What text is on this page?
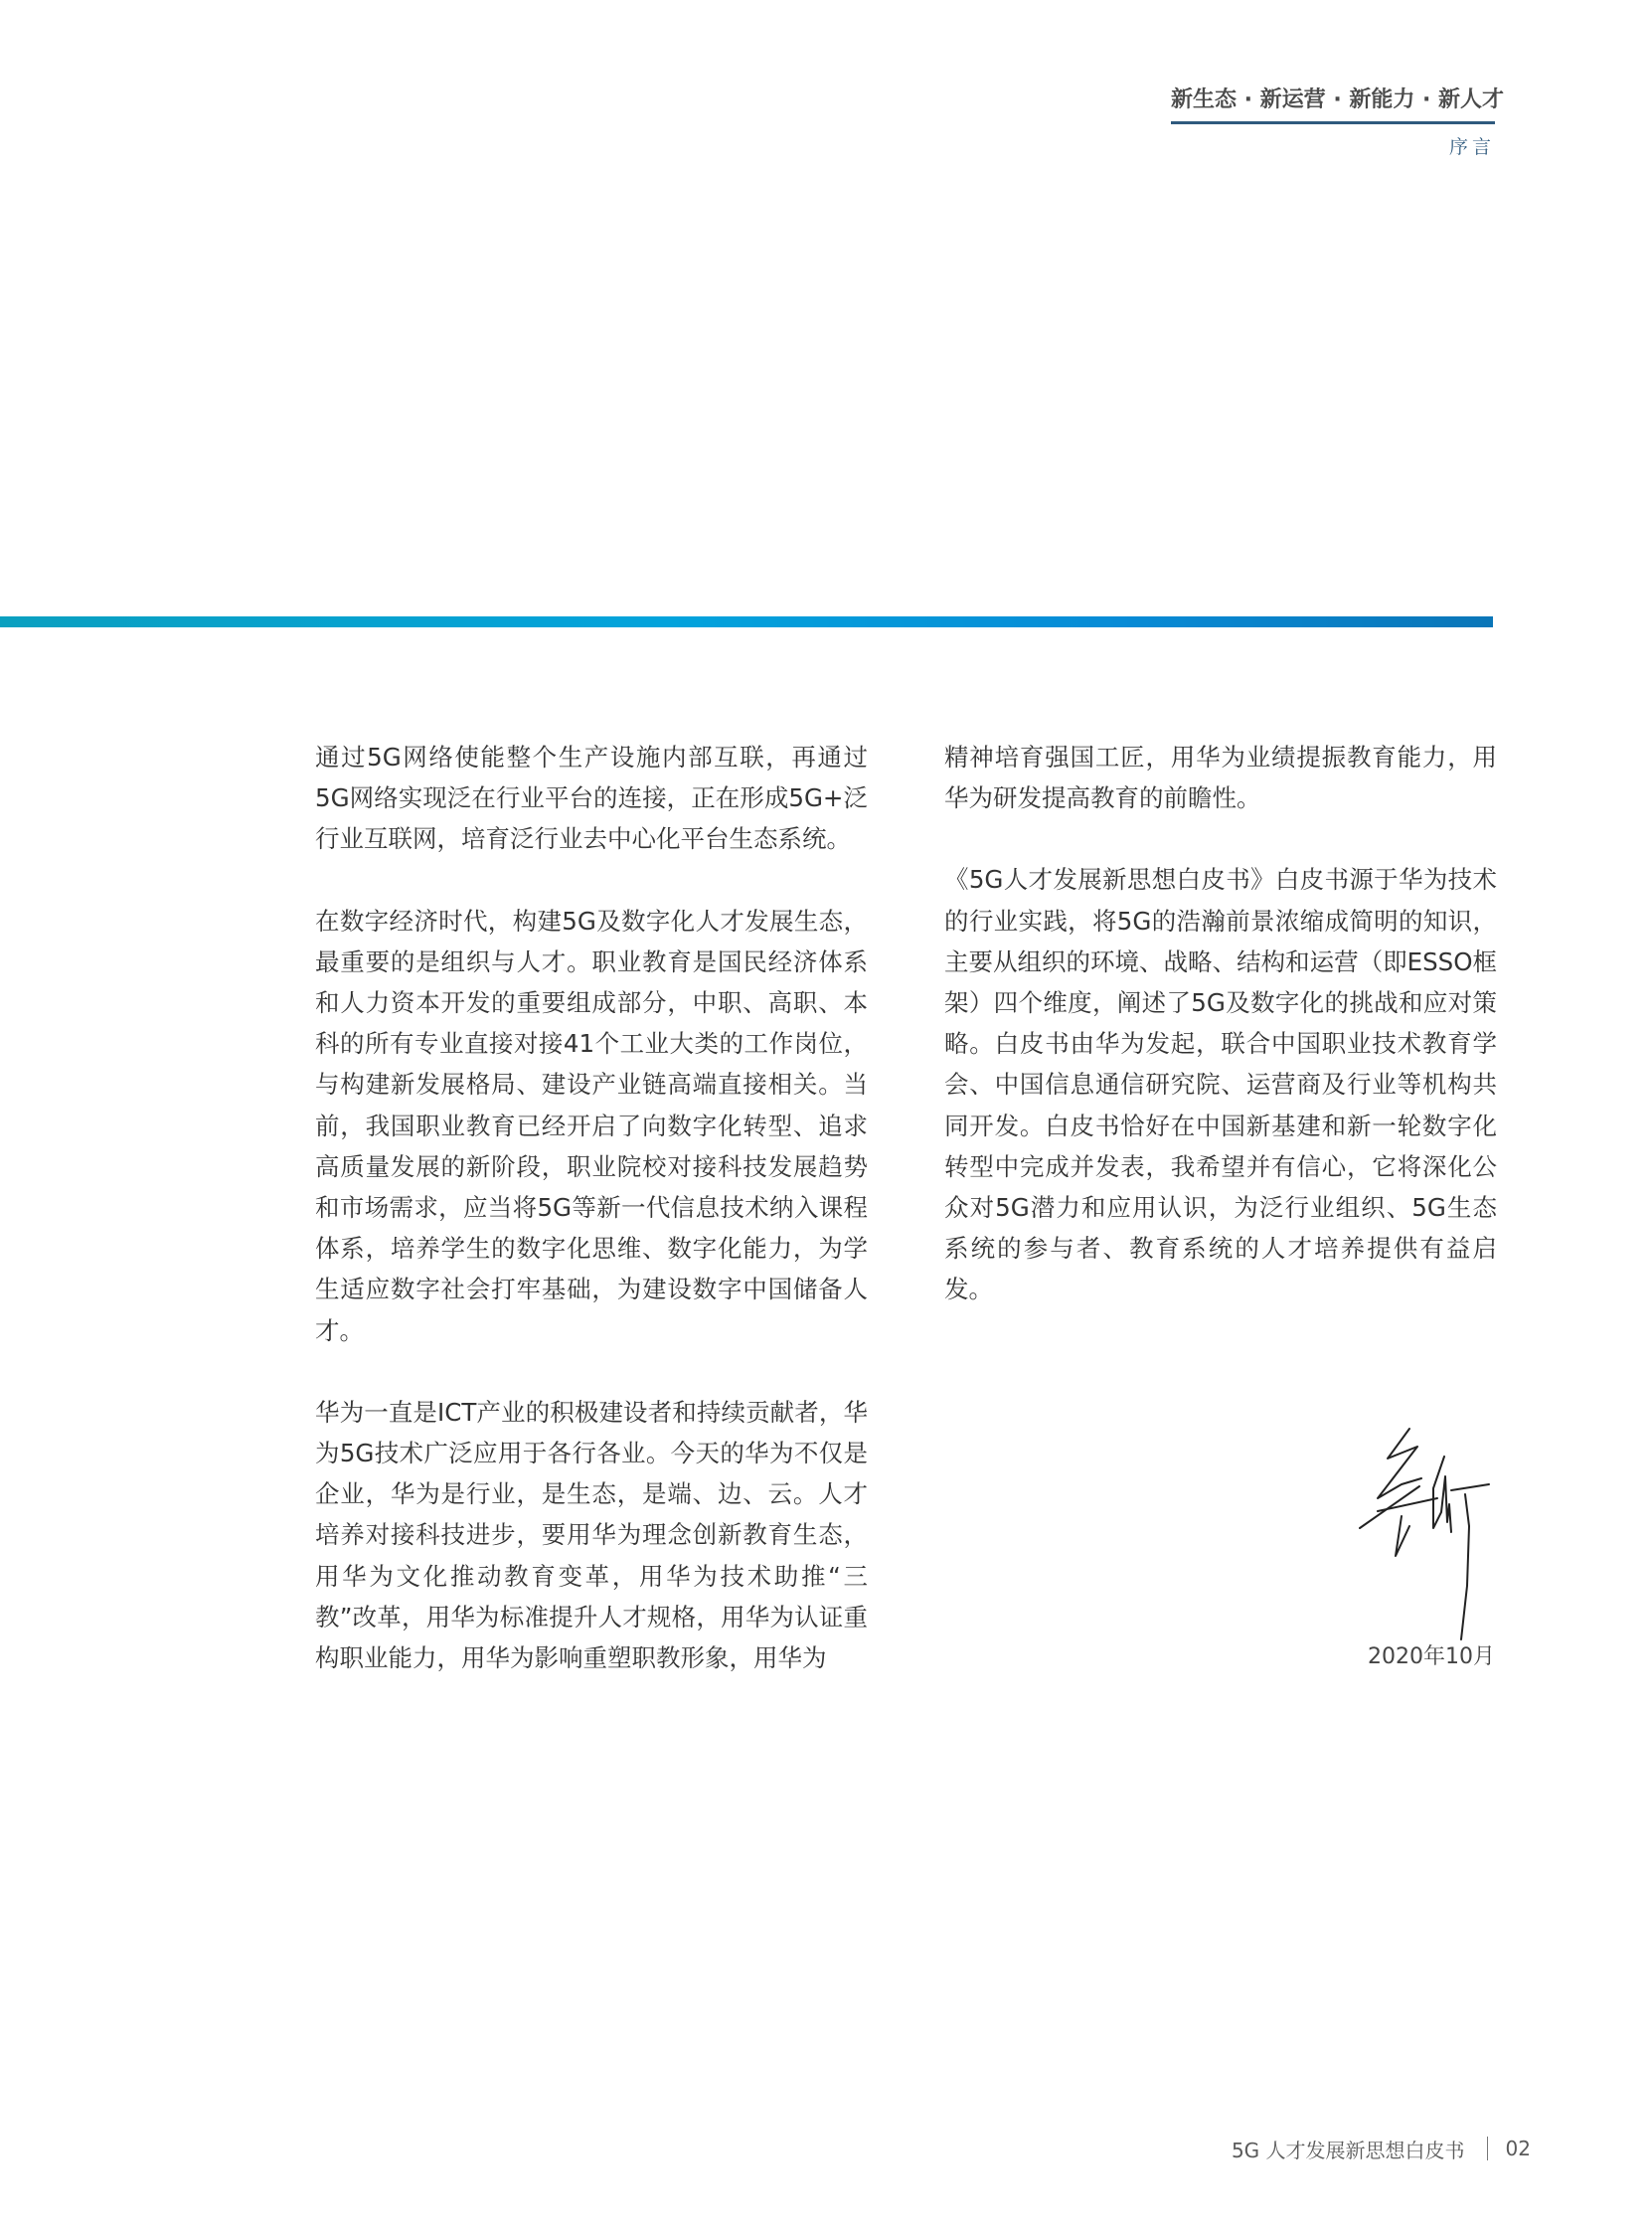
新生态 · 新运营 · 新能力 · 新人才
序言

通过5G网络使能整个生产设施内部互联，再通过5G网络实现泛在行业平台的连接，正在形成5G+泛行业互联网，培育泛行业去中心化平台生态系统。

在数字经济时代，构建5G及数字化人才发展生态，最重要的是组织与人才。职业教育是国民经济体系和人力资本开发的重要组成部分，中职、高职、本科的所有专业直接对接41个工业大类的工作岗位，与构建新发展格局、建设产业链高端直接相关。当前，我国职业教育已经开启了向数字化转型、追求高质量发展的新阶段，职业院校对接科技发展趋势和市场需求，应当将5G等新一代信息技术纳入课程体系，培养学生的数字化思维、数字化能力，为学生适应数字社会打牢基础，为建设数字中国储备人才。

华为一直是ICT产业的积极建设者和持续贡献者，华为5G技术广泛应用于各行各业。今天的华为不仅是企业，华为是行业，是生态，是端、边、云。人才培养对接科技进步，要用华为理念创新教育生态，用华为文化推动教育变革，用华为技术助推“三教”改革，用华为标准提升人才规格，用华为认证重构职业能力，用华为影响重塑职教形象，用华为

精神培育强国工匠，用华为业绩提振教育能力，用华为研发提高教育的前瞻性。

《5G人才发展新思想白皮书》白皮书源于华为技术的行业实践，将5G的浩瀚前景浓缩成简明的知识，主要从组织的环境、战略、结构和运营（即ESSO框架）四个维度，阐述了5G及数字化的挑战和应对策略。白皮书由华为发起，联合中国职业技术教育学会、中国信息通信研究院、运营商及行业等机构共同开发。白皮书恰好在中国新基建和新一轮数字化转型中完成并发表，我希望并有信心，它将深化公众对5G潜力和应用认识，为泛行业组织、5G生态系统的参与者、教育系统的人才培养提供有益启发。

2020年10月
5G 人才发展新思想白皮书 02
